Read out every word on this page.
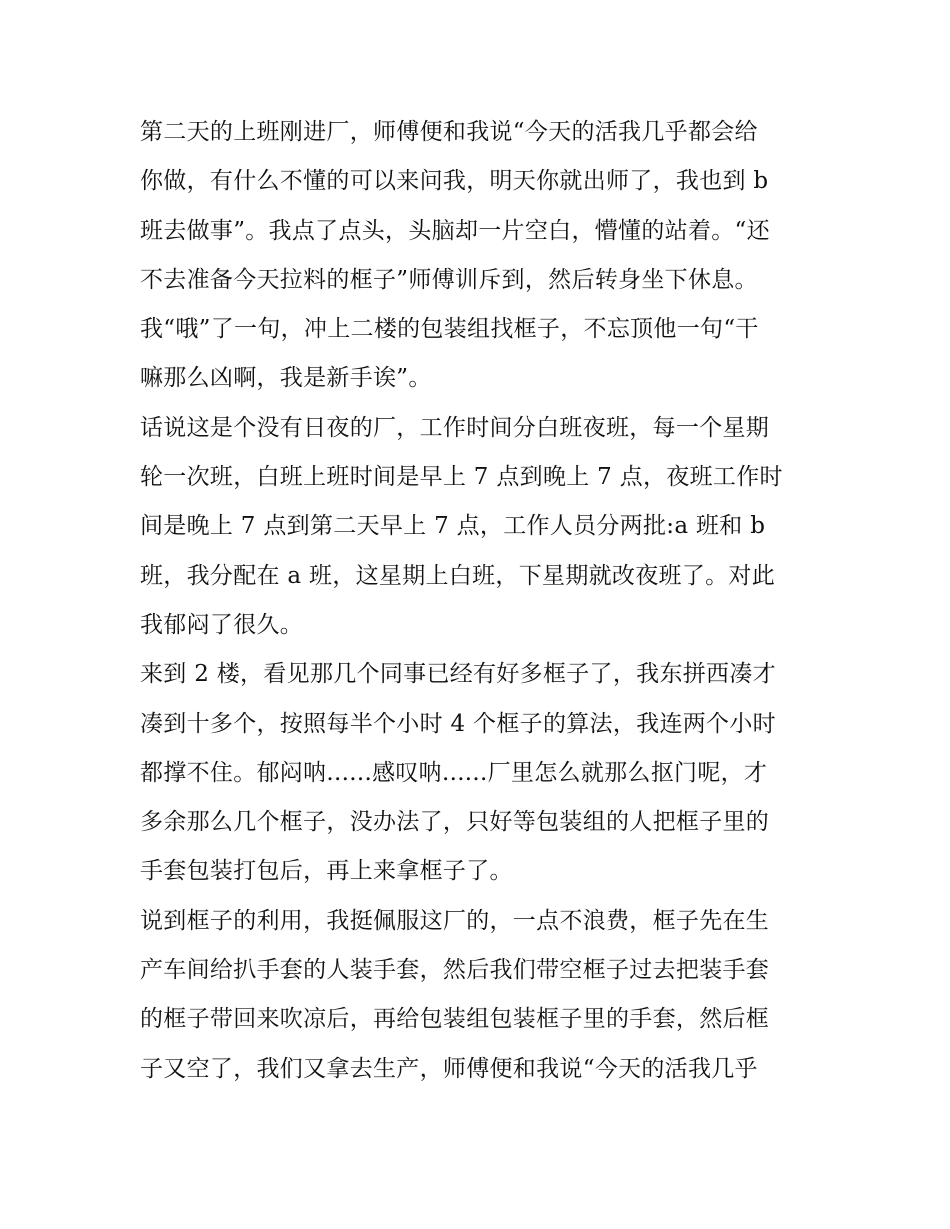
第二天的上班刚进厂，师傅便和我说“今天的活我几乎都会给
你做，有什么不懂的可以来问我，明天你就出师了，我也到 b
班去做事”。我点了点头，头脑却一片空白，懵懂的站着。“还
不去准备今天拉料的框子”师傅训斥到，然后转身坐下休息。
我“哦”了一句，冲上二楼的包装组找框子，不忘顶他一句“干
嘛那么凶啊，我是新手诶”。
话说这是个没有日夜的厂，工作时间分白班夜班，每一个星期
轮一次班，白班上班时间是早上 7 点到晚上 7 点，夜班工作时
间是晚上 7 点到第二天早上 7 点，工作人员分两批:a 班和 b
班，我分配在 a 班，这星期上白班，下星期就改夜班了。对此
我郁闷了很久。
来到 2 楼，看见那几个同事已经有好多框子了，我东拼西凑才
凑到十多个，按照每半个小时 4 个框子的算法，我连两个小时
都撑不住。郁闷呐......感叹呐......厂里怎么就那么抠门呢，才
多余那么几个框子，没办法了，只好等包装组的人把框子里的
手套包装打包后，再上来拿框子了。
说到框子的利用，我挺佩服这厂的，一点不浪费，框子先在生
产车间给扒手套的人装手套，然后我们带空框子过去把装手套
的框子带回来吹凉后，再给包装组包装框子里的手套，然后框
子又空了，我们又拿去生产，师傅便和我说“今天的活我几乎
